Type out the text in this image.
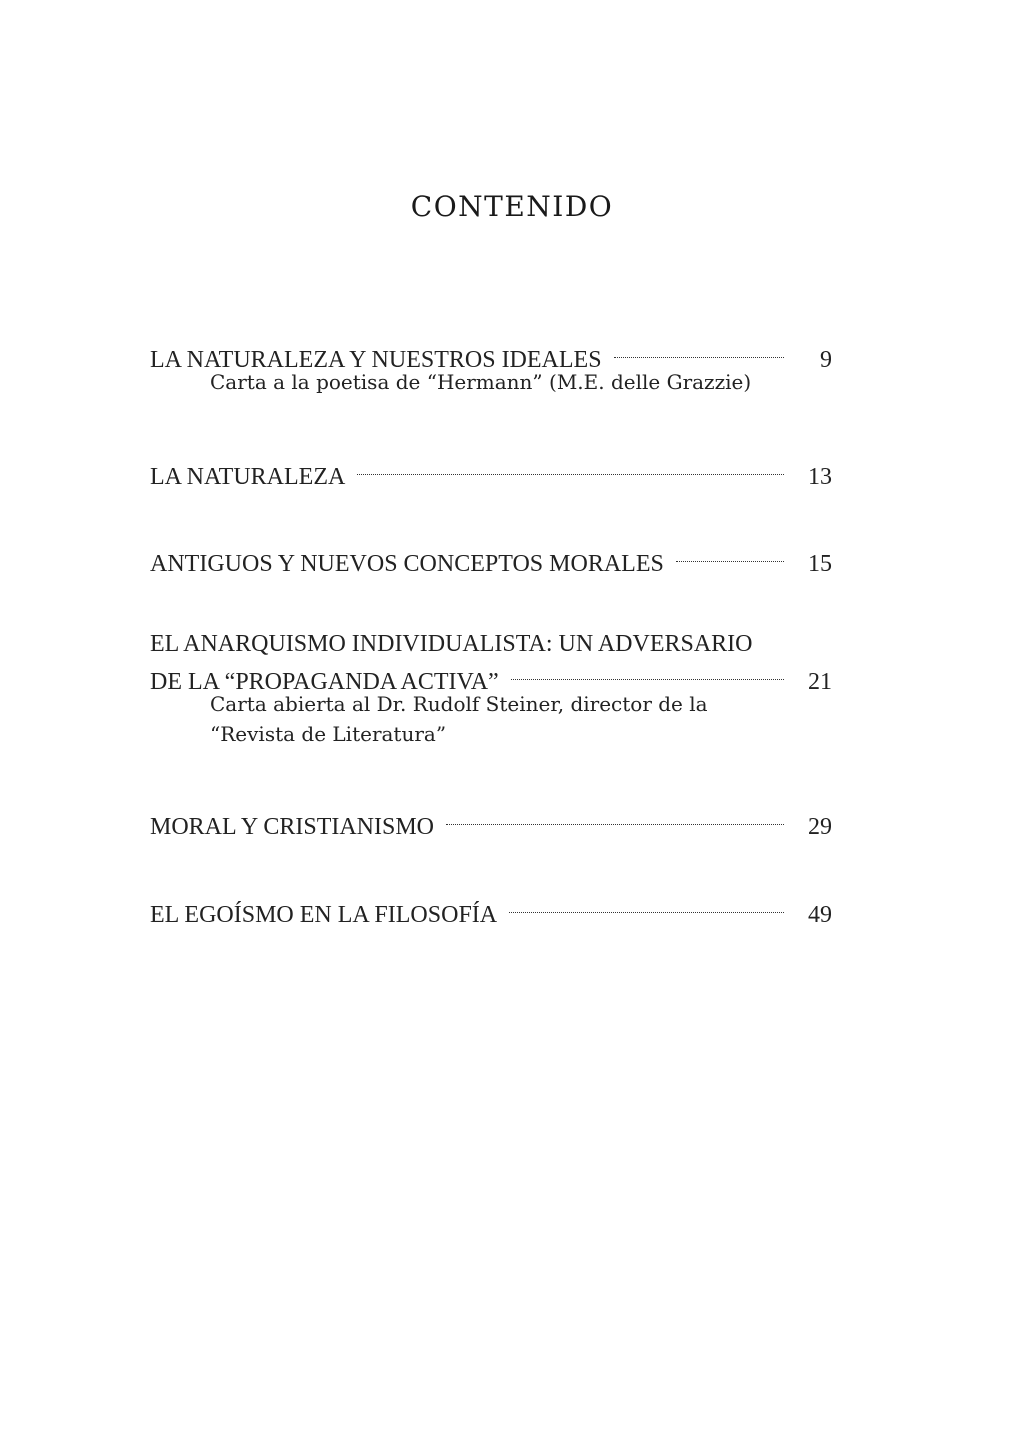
CONTENIDO
LA NATURALEZA Y NUESTROS IDEALES	9
Carta a la poetisa de “Hermann” (M.E. delle Grazzie)
LA NATURALEZA	13
ANTIGUOS Y NUEVOS CONCEPTOS MORALES	15
EL ANARQUISMO INDIVIDUALISTA: UN ADVERSARIO
DE LA “PROPAGANDA ACTIVA”	21
Carta abierta al Dr. Rudolf Steiner, director de la
“Revista de Literatura”
MORAL Y CRISTIANISMO	29
EL EGOÍSMO EN LA FILOSOFÍA	49
